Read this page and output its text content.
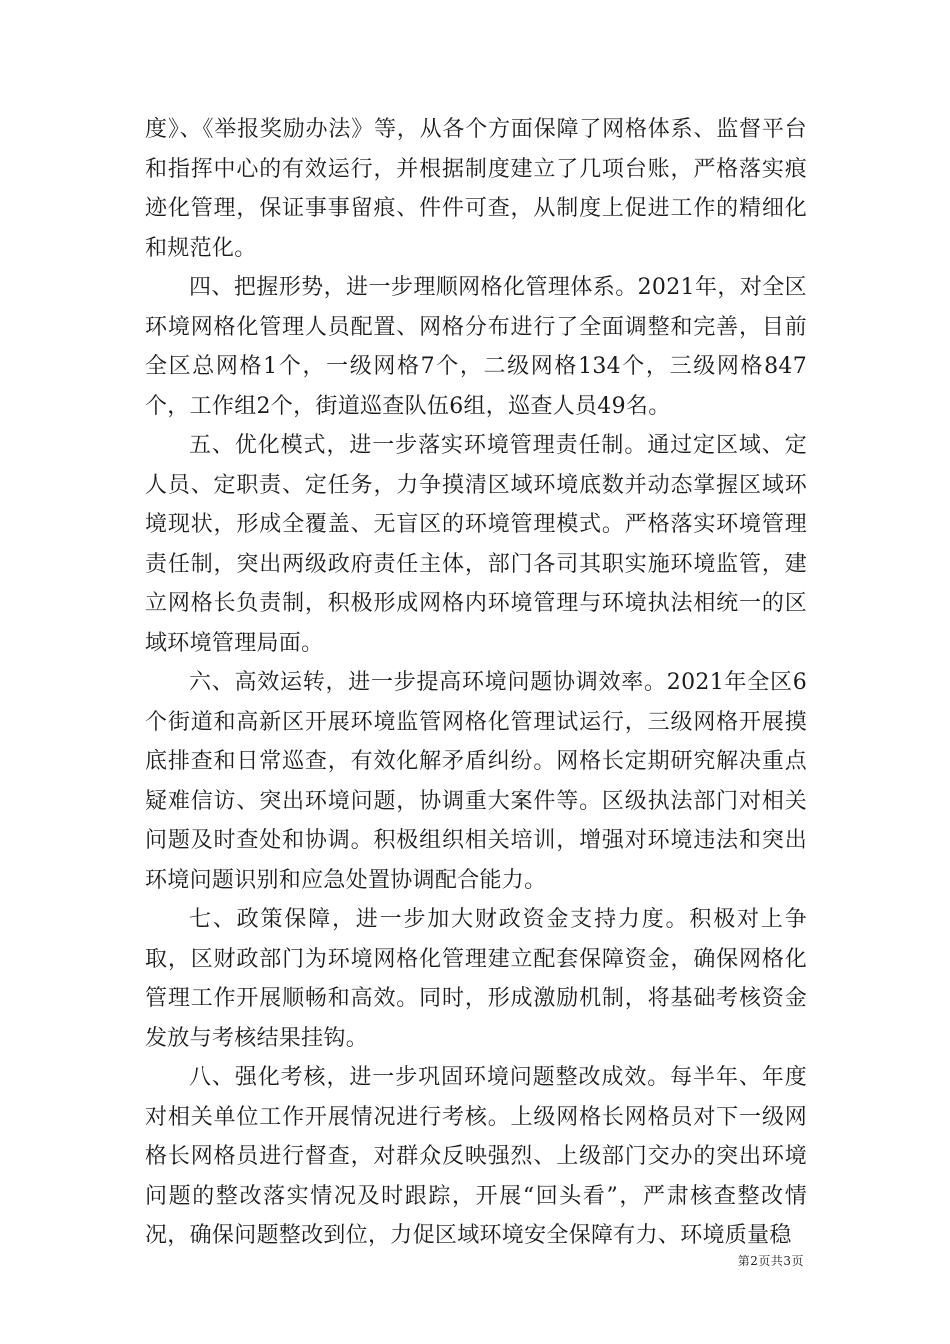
度》、《举报奖励办法》等，从各个方面保障了网格体系、监督平台和指挥中心的有效运行，并根据制度建立了几项台账，严格落实痕迹化管理，保证事事留痕、件件可查，从制度上促进工作的精细化和规范化。

四、把握形势，进一步理顺网格化管理体系。2021年，对全区环境网格化管理人员配置、网格分布进行了全面调整和完善，目前全区总网格1个，一级网格7个，二级网格134个，三级网格847个，工作组2个，街道巡查队伍6组，巡查人员49名。

五、优化模式，进一步落实环境管理责任制。通过定区域、定人员、定职责、定任务，力争摸清区域环境底数并动态掌握区域环境现状，形成全覆盖、无盲区的环境管理模式。严格落实环境管理责任制，突出两级政府责任主体，部门各司其职实施环境监管，建立网格长负责制，积极形成网格内环境管理与环境执法相统一的区域环境管理局面。

六、高效运转，进一步提高环境问题协调效率。2021年全区6个街道和高新区开展环境监管网格化管理试运行，三级网格开展摸底排查和日常巡查，有效化解矛盾纠纷。网格长定期研究解决重点疑难信访、突出环境问题，协调重大案件等。区级执法部门对相关问题及时查处和协调。积极组织相关培训，增强对环境违法和突出环境问题识别和应急处置协调配合能力。

七、政策保障，进一步加大财政资金支持力度。积极对上争取，区财政部门为环境网格化管理建立配套保障资金，确保网格化管理工作开展顺畅和高效。同时，形成激励机制，将基础考核资金发放与考核结果挂钩。

八、强化考核，进一步巩固环境问题整改成效。每半年、年度对相关单位工作开展情况进行考核。上级网格长网格员对下一级网格长网格员进行督查，对群众反映强烈、上级部门交办的突出环境问题的整改落实情况及时跟踪，开展“回头看”，严肃核查整改情况，确保问题整改到位，力促区域环境安全保障有力、环境质量稳

第2页共3页
